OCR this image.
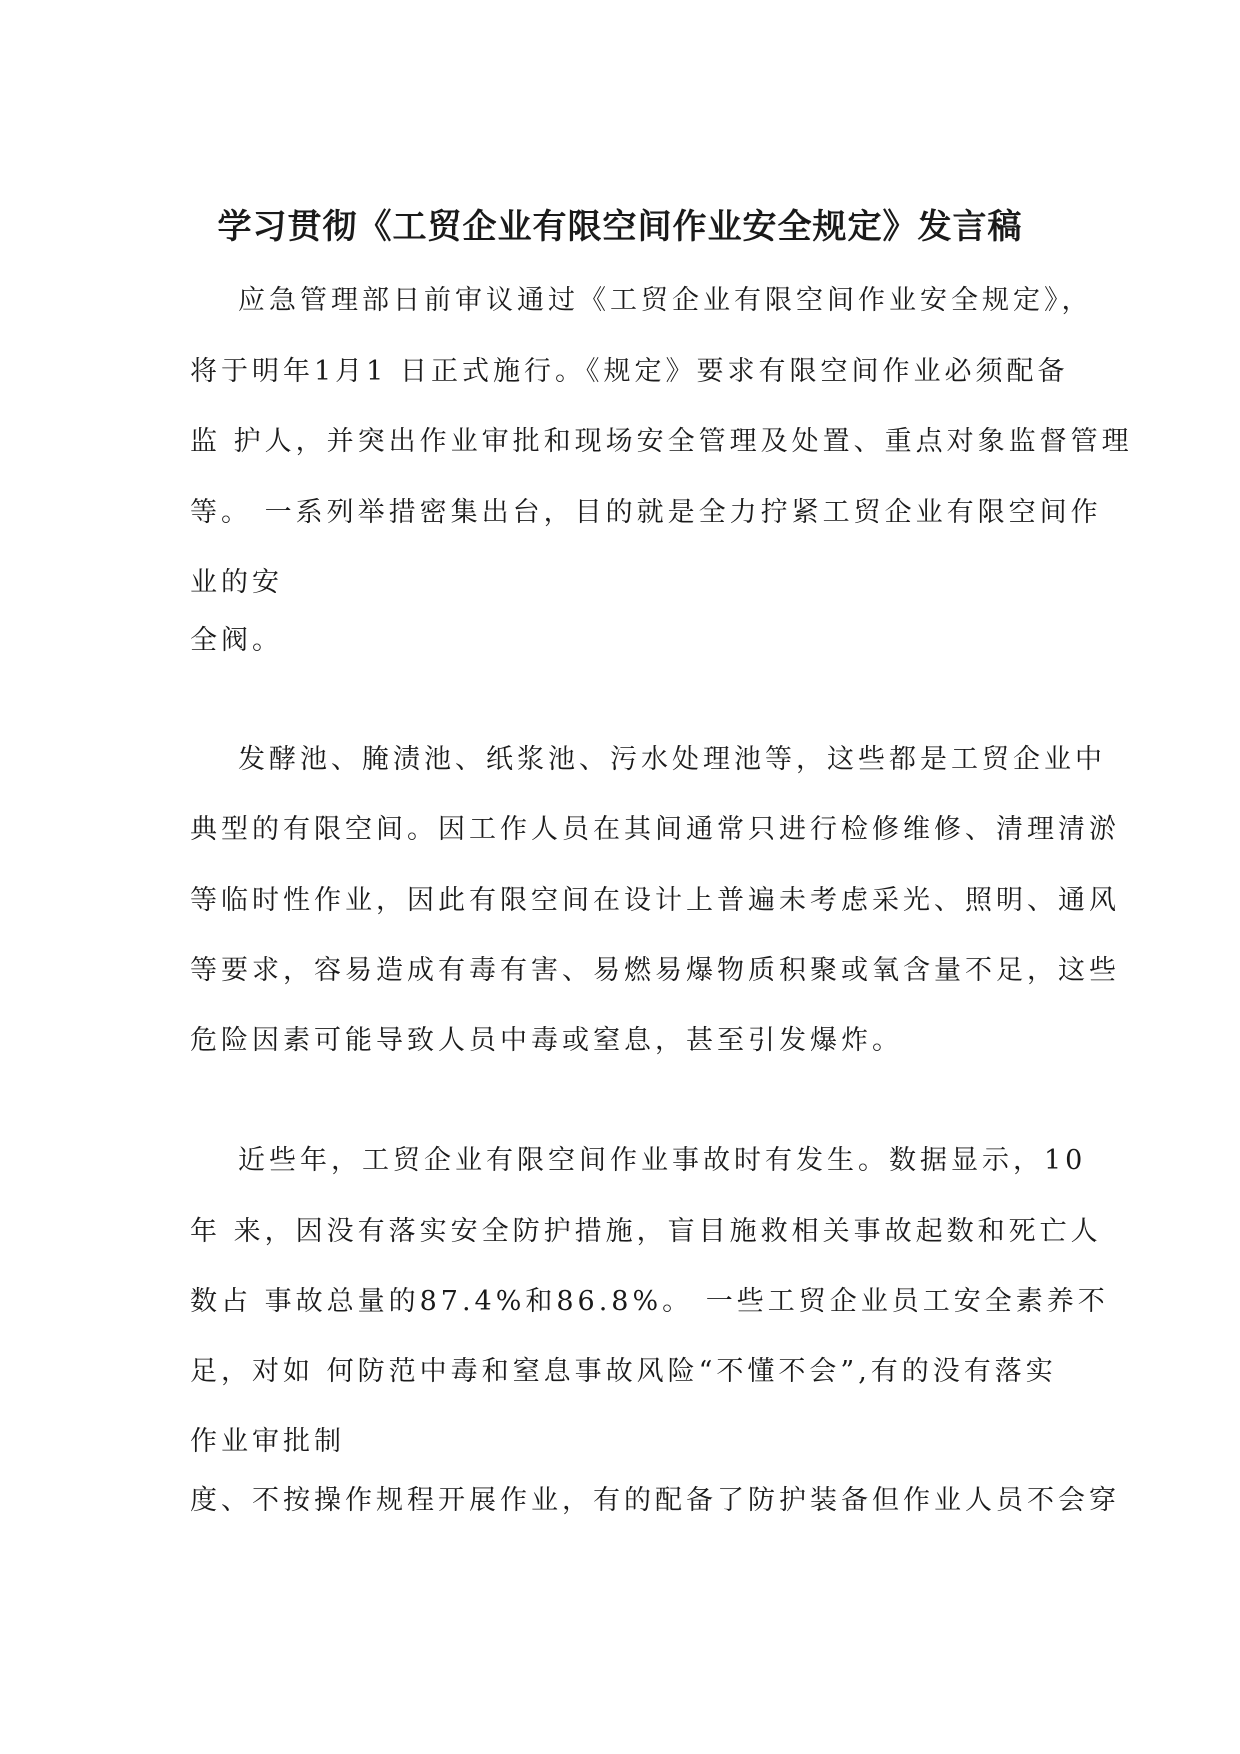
学习贯彻《工贸企业有限空间作业安全规定》发言稿

应急管理部日前审议通过《工贸企业有限空间作业安全规定》，

将于明年1月1 日正式施行。《规定》要求有限空间作业必须配备

监 护人，并突出作业审批和现场安全管理及处置、重点对象监督管理

等。 一系列举措密集出台，目的就是全力拧紧工贸企业有限空间作

业的安

全阀。

发酵池、腌渍池、纸浆池、污水处理池等，这些都是工贸企业中

典型的有限空间。因工作人员在其间通常只进行检修维修、清理清淤

等临时性作业，因此有限空间在设计上普遍未考虑采光、照明、通风

等要求，容易造成有毒有害、易燃易爆物质积聚或氧含量不足，这些

危险因素可能导致人员中毒或窒息，甚至引发爆炸。

近些年，工贸企业有限空间作业事故时有发生。数据显示，10

年 来，因没有落实安全防护措施，盲目施救相关事故起数和死亡人

数占 事故总量的87.4%和86.8%。 一些工贸企业员工安全素养不

足，对如 何防范中毒和窒息事故风险“不懂不会”,有的没有落实

作业审批制

度、不按操作规程开展作业，有的配备了防护装备但作业人员不会穿
